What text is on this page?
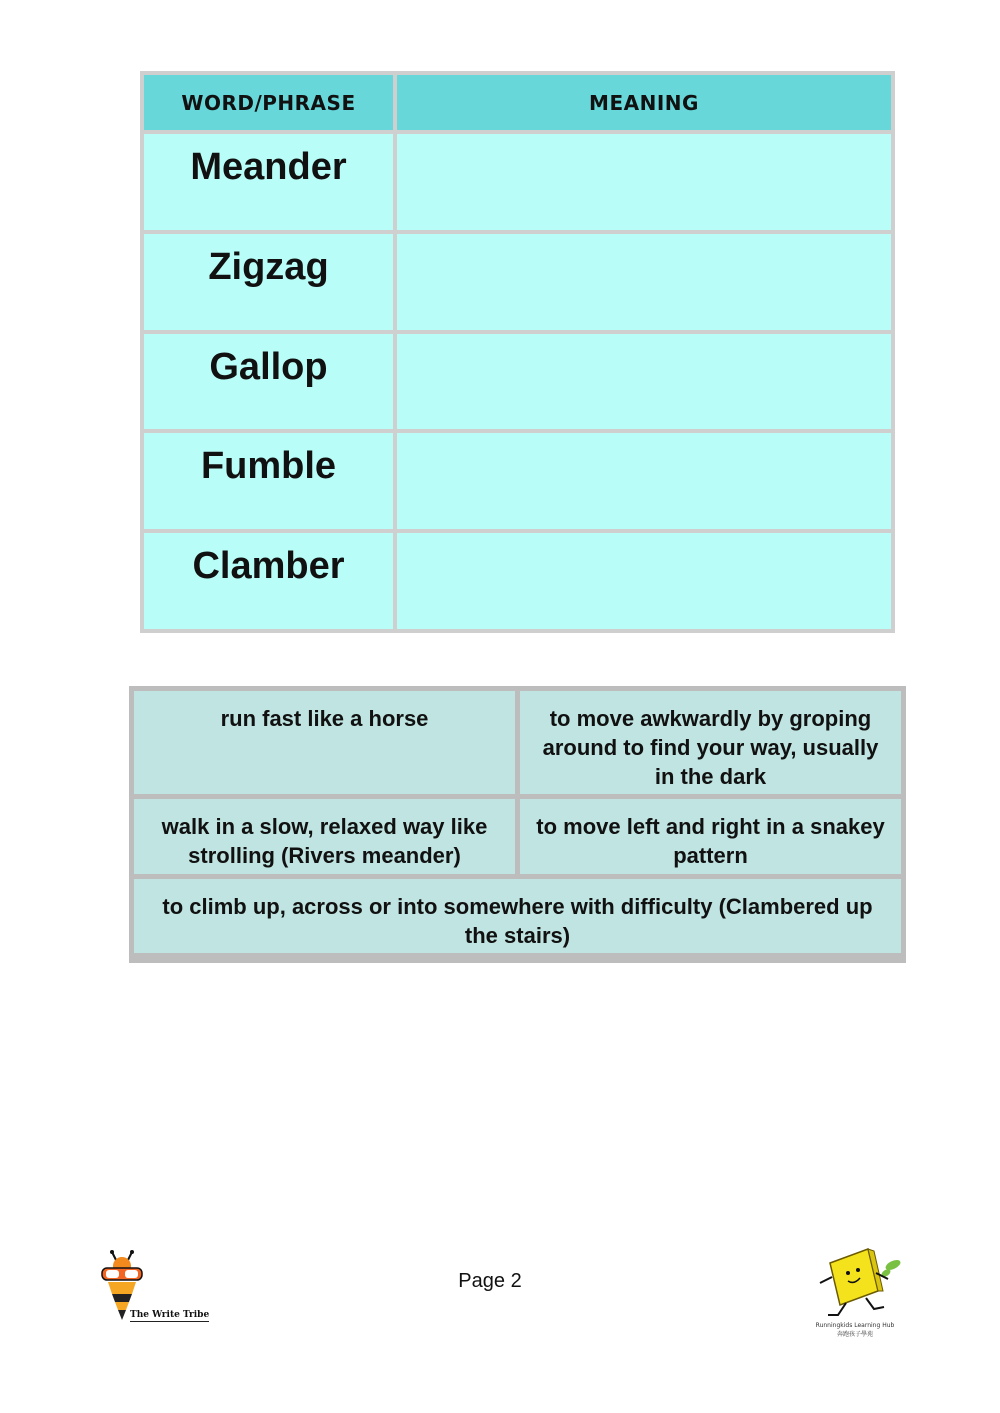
WORD/PHRASE	MEANING
Meander
Zigzag
Gallop
Fumble
Clamber
run fast like a horse	to move awkwardly by groping around to find your way, usually in the dark
walk in a slow, relaxed way like strolling (Rivers meander)
to move left and right in a snakey pattern
to climb up, across or into somewhere with difficulty (Clambered up the stairs)
Page 2
The Write Tribe
Runningkids Learning Hub
奔跑孩子學苑
